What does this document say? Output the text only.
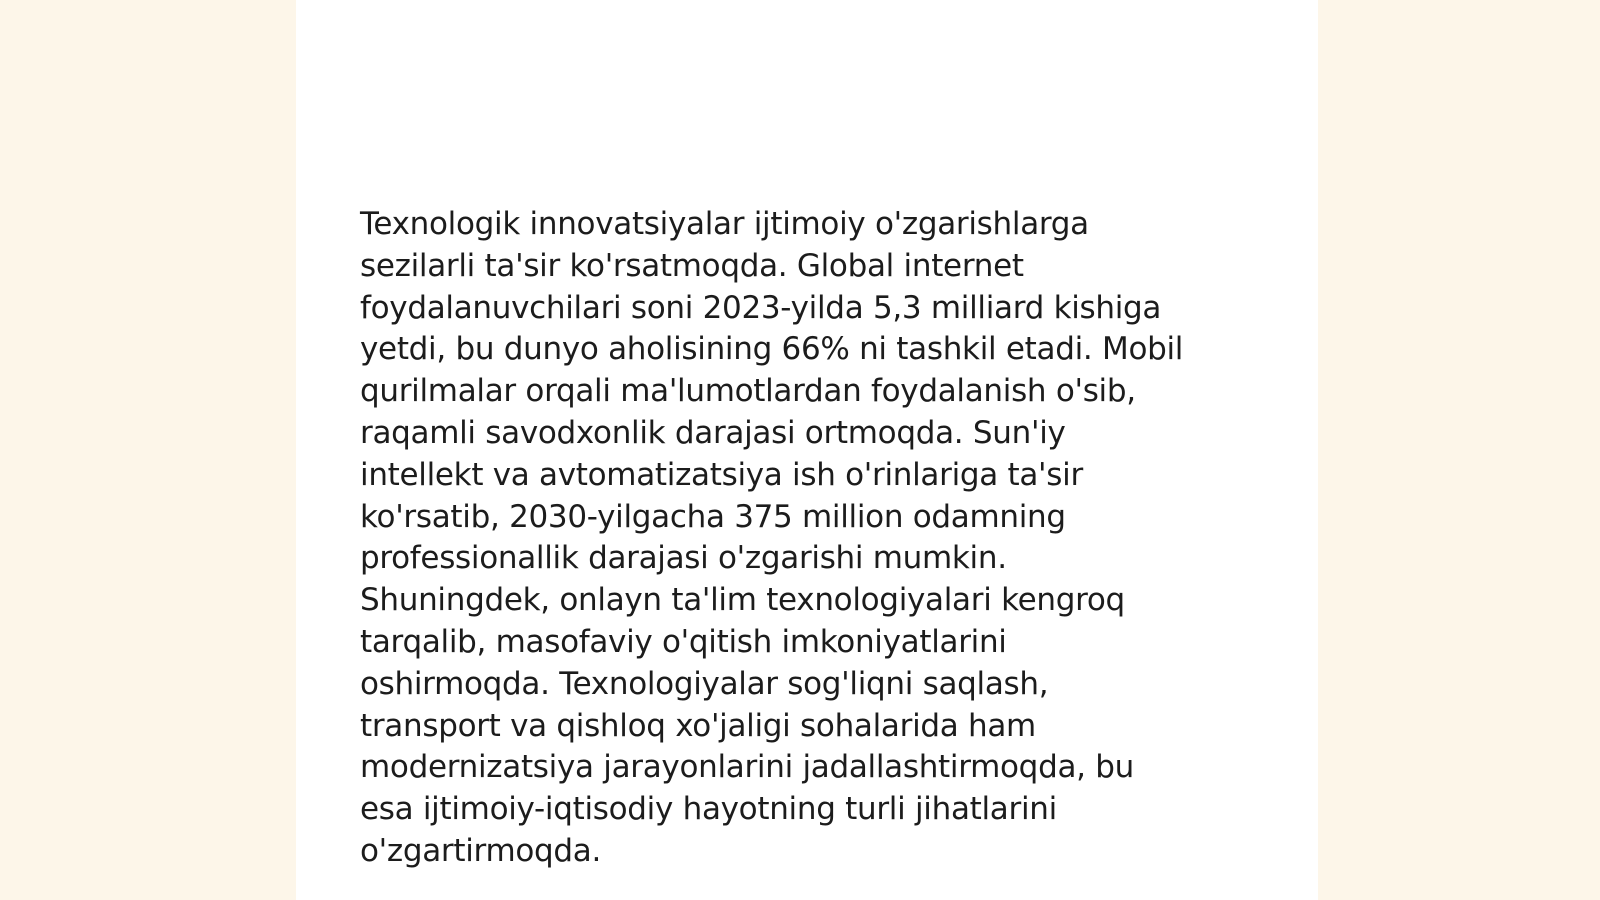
Texnologik innovatsiyalar ijtimoiy o'zgarishlarga
sezilarli ta'sir ko'rsatmoqda. Global internet
foydalanuvchilari soni 2023-yilda 5,3 milliard kishiga
yetdi, bu dunyo aholisining 66% ni tashkil etadi. Mobil
qurilmalar orqali ma'lumotlardan foydalanish o'sib,
raqamli savodxonlik darajasi ortmoqda. Sun'iy
intellekt va avtomatizatsiya ish o'rinlariga ta'sir
ko'rsatib, 2030-yilgacha 375 million odamning
professionallik darajasi o'zgarishi mumkin.
Shuningdek, onlayn ta'lim texnologiyalari kengroq
tarqalib, masofaviy o'qitish imkoniyatlarini
oshirmoqda. Texnologiyalar sog'liqni saqlash,
transport va qishloq xo'jaligi sohalarida ham
modernizatsiya jarayonlarini jadallashtirmoqda, bu
esa ijtimoiy-iqtisodiy hayotning turli jihatlarini
o'zgartirmoqda.
